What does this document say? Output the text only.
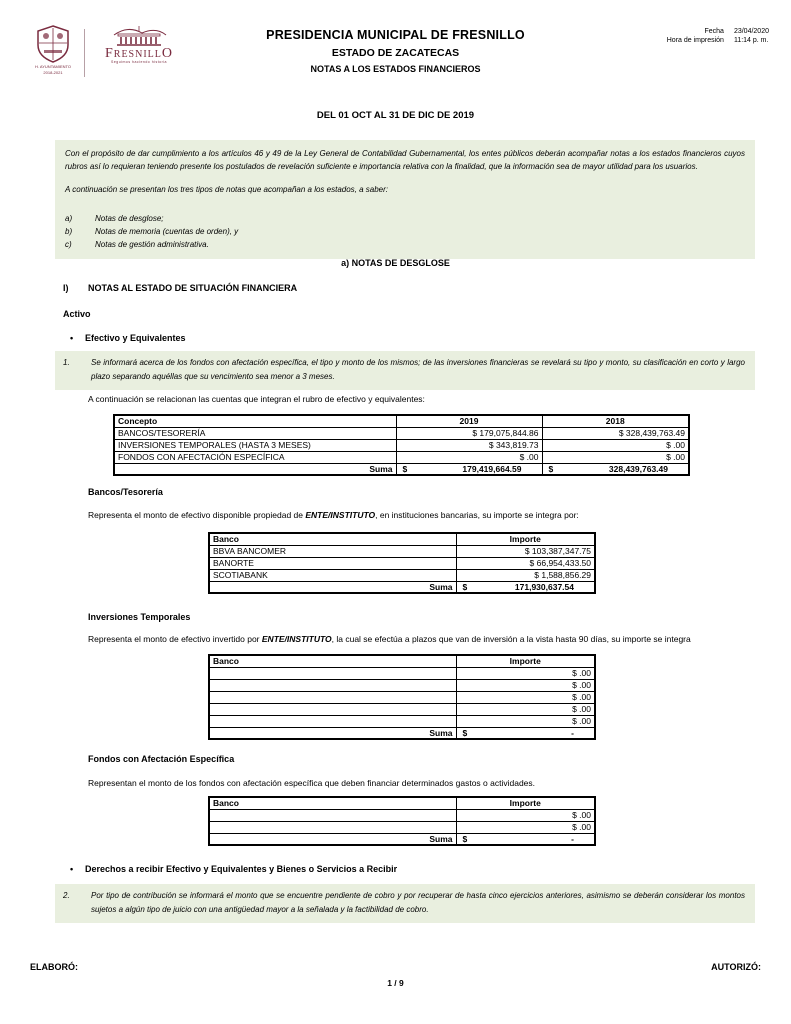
H. AYUNTAMIENTO
2018-2021
FresnillO
Seguimos haciendo historia
PRESIDENCIA MUNICIPAL DE FRESNILLO
ESTADO DE ZACATECAS
NOTAS A LOS ESTADOS FINANCIEROS
Fecha 23/04/2020
Hora de impresión 11:14 p. m.
DEL 01 OCT AL 31 DE DIC DE 2019
Con el propósito de dar cumplimiento a los artículos 46 y 49 de la Ley General de Contabilidad Gubernamental, los entes públicos deberán acompañar notas a los estados financieros cuyos rubros así lo requieran teniendo presente los postulados de revelación suficiente e importancia relativa con la finalidad, que la información sea de mayor utilidad para los usuarios.
A continuación se presentan los tres tipos de notas que acompañan a los estados, a saber:
a)	Notas de desglose;
b)	Notas de memoria (cuentas de orden), y
c)	Notas de gestión administrativa.
a) NOTAS DE DESGLOSE
I)	NOTAS AL ESTADO DE SITUACIÓN FINANCIERA
Activo
•	Efectivo y Equivalentes
1.	Se informará acerca de los fondos con afectación específica, el tipo y monto de los mismos; de las inversiones financieras se revelará su tipo y monto, su clasificación en corto y largo plazo separando aquéllas que su vencimiento sea menor a 3 meses.
A continuación se relacionan las cuentas que integran el rubro de efectivo y equivalentes:
Concepto	2019	2018
BANCOS/TESORERÍA	$ 179,075,844.86	$ 328,439,763.49
INVERSIONES TEMPORALES (HASTA 3 MESES)	$ 343,819.73	$ .00
FONDOS CON AFECTACIÓN ESPECÍFICA	$ .00	$ .00
Suma	$ 179,419,664.59	$ 328,439,763.49
Bancos/Tesorería
Representa el monto de efectivo disponible propiedad de ENTE/INSTITUTO, en instituciones bancarias, su importe se integra por:
Banco	Importe
BBVA BANCOMER	$ 103,387,347.75
BANORTE	$ 66,954,433.50
SCOTIABANK	$ 1,588,856.29
Suma	$ 171,930,637.54
Inversiones Temporales
Representa el monto de efectivo invertido por ENTE/INSTITUTO, la cual se efectúa a plazos que van de inversión a la vista hasta 90 días, su importe se integra
Banco	Importe
	$ .00
	$ .00
	$ .00
	$ .00
	$ .00
Suma	$ -
Fondos con Afectación Específica
Representan el monto de los fondos con afectación específica que deben financiar determinados gastos o actividades.
Banco	Importe
	$ .00
	$ .00
Suma	$ -
•	Derechos a recibir Efectivo y Equivalentes y Bienes o Servicios a Recibir
2.	Por tipo de contribución se informará el monto que se encuentre pendiente de cobro y por recuperar de hasta cinco ejercicios anteriores, asimismo se deberán considerar los montos sujetos a algún tipo de juicio con una antigüedad mayor a la señalada y la factibilidad de cobro.
ELABORÓ:	AUTORIZÓ:
1 / 9
